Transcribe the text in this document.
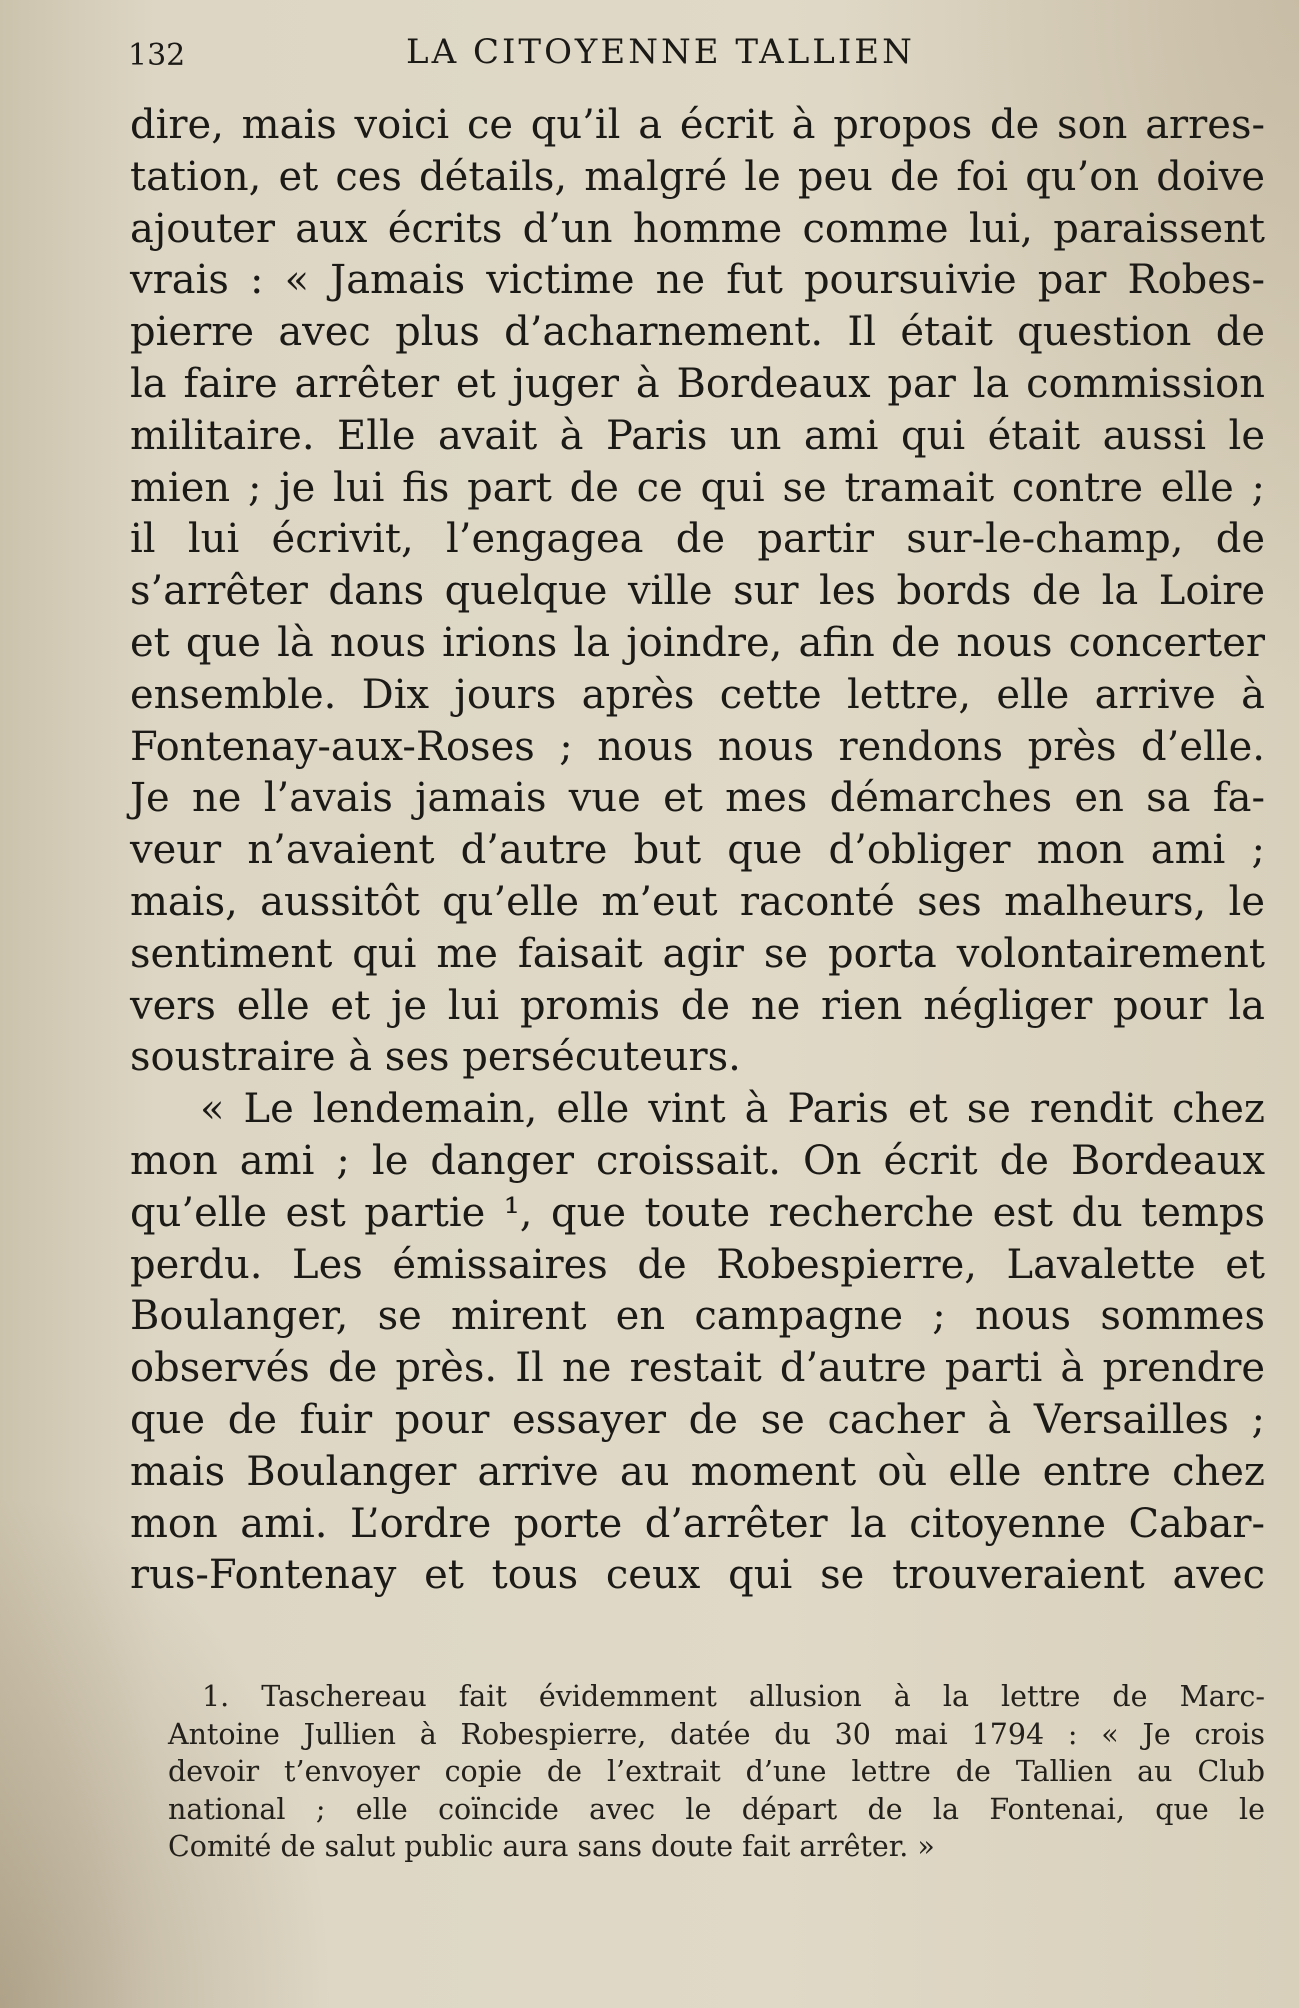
132	LA CITOYENNE TALLIEN
dire, mais voici ce qu’il a écrit à propos de son arres-
tation, et ces détails, malgré le peu de foi qu’on doive
ajouter aux écrits d’un homme comme lui, paraissent
vrais : « Jamais victime ne fut poursuivie par Robes-
pierre avec plus d’acharnement. Il était question de
la faire arrêter et juger à Bordeaux par la commission
militaire. Elle avait à Paris un ami qui était aussi le
mien ; je lui fis part de ce qui se tramait contre elle ;
il lui écrivit, l’engagea de partir sur-le-champ, de
s’arrêter dans quelque ville sur les bords de la Loire
et que là nous irions la joindre, afin de nous concerter
ensemble. Dix jours après cette lettre, elle arrive à
Fontenay-aux-Roses ; nous nous rendons près d’elle.
Je ne l’avais jamais vue et mes démarches en sa fa-
veur n’avaient d’autre but que d’obliger mon ami ;
mais, aussitôt qu’elle m’eut raconté ses malheurs, le
sentiment qui me faisait agir se porta volontairement
vers elle et je lui promis de ne rien négliger pour la
soustraire à ses persécuteurs.
« Le lendemain, elle vint à Paris et se rendit chez
mon ami ; le danger croissait. On écrit de Bordeaux
qu’elle est partie ¹, que toute recherche est du temps
perdu. Les émissaires de Robespierre, Lavalette et
Boulanger, se mirent en campagne ; nous sommes
observés de près. Il ne restait d’autre parti à prendre
que de fuir pour essayer de se cacher à Versailles ;
mais Boulanger arrive au moment où elle entre chez
mon ami. L’ordre porte d’arrêter la citoyenne Cabar-
rus-Fontenay et tous ceux qui se trouveraient avec
1. Taschereau fait évidemment allusion à la lettre de Marc-
Antoine Jullien à Robespierre, datée du 30 mai 1794 : « Je crois
devoir t’envoyer copie de l’extrait d’une lettre de Tallien au Club
national ; elle coïncide avec le départ de la Fontenai, que le
Comité de salut public aura sans doute fait arrêter. »
